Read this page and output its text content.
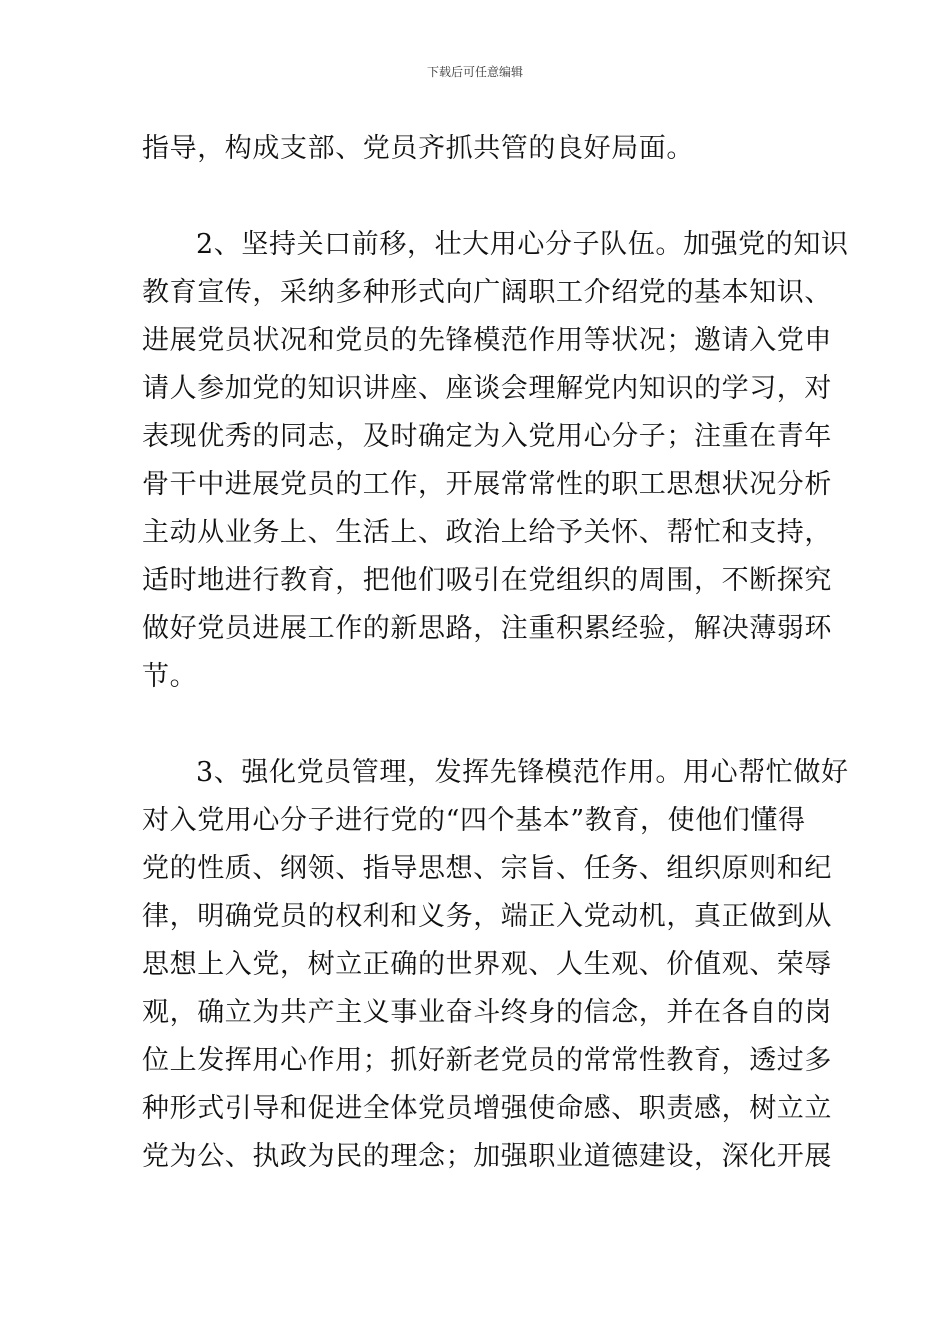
下载后可任意编辑
指导，构成支部、党员齐抓共管的良好局面。
2、坚持关口前移，壮大用心分子队伍。加强党的知识
教育宣传，采纳多种形式向广阔职工介绍党的基本知识、
进展党员状况和党员的先锋模范作用等状况；邀请入党申
请人参加党的知识讲座、座谈会理解党内知识的学习，对
表现优秀的同志，及时确定为入党用心分子；注重在青年
骨干中进展党员的工作，开展常常性的职工思想状况分析
主动从业务上、生活上、政治上给予关怀、帮忙和支持，
适时地进行教育，把他们吸引在党组织的周围，不断探究
做好党员进展工作的新思路，注重积累经验，解决薄弱环
节。
3、强化党员管理，发挥先锋模范作用。用心帮忙做好
对入党用心分子进行党的“四个基本”教育，使他们懂得
党的性质、纲领、指导思想、宗旨、任务、组织原则和纪
律，明确党员的权利和义务，端正入党动机，真正做到从
思想上入党，树立正确的世界观、人生观、价值观、荣辱
观，确立为共产主义事业奋斗终身的信念，并在各自的岗
位上发挥用心作用；抓好新老党员的常常性教育，透过多
种形式引导和促进全体党员增强使命感、职责感，树立立
党为公、执政为民的理念；加强职业道德建设，深化开展
